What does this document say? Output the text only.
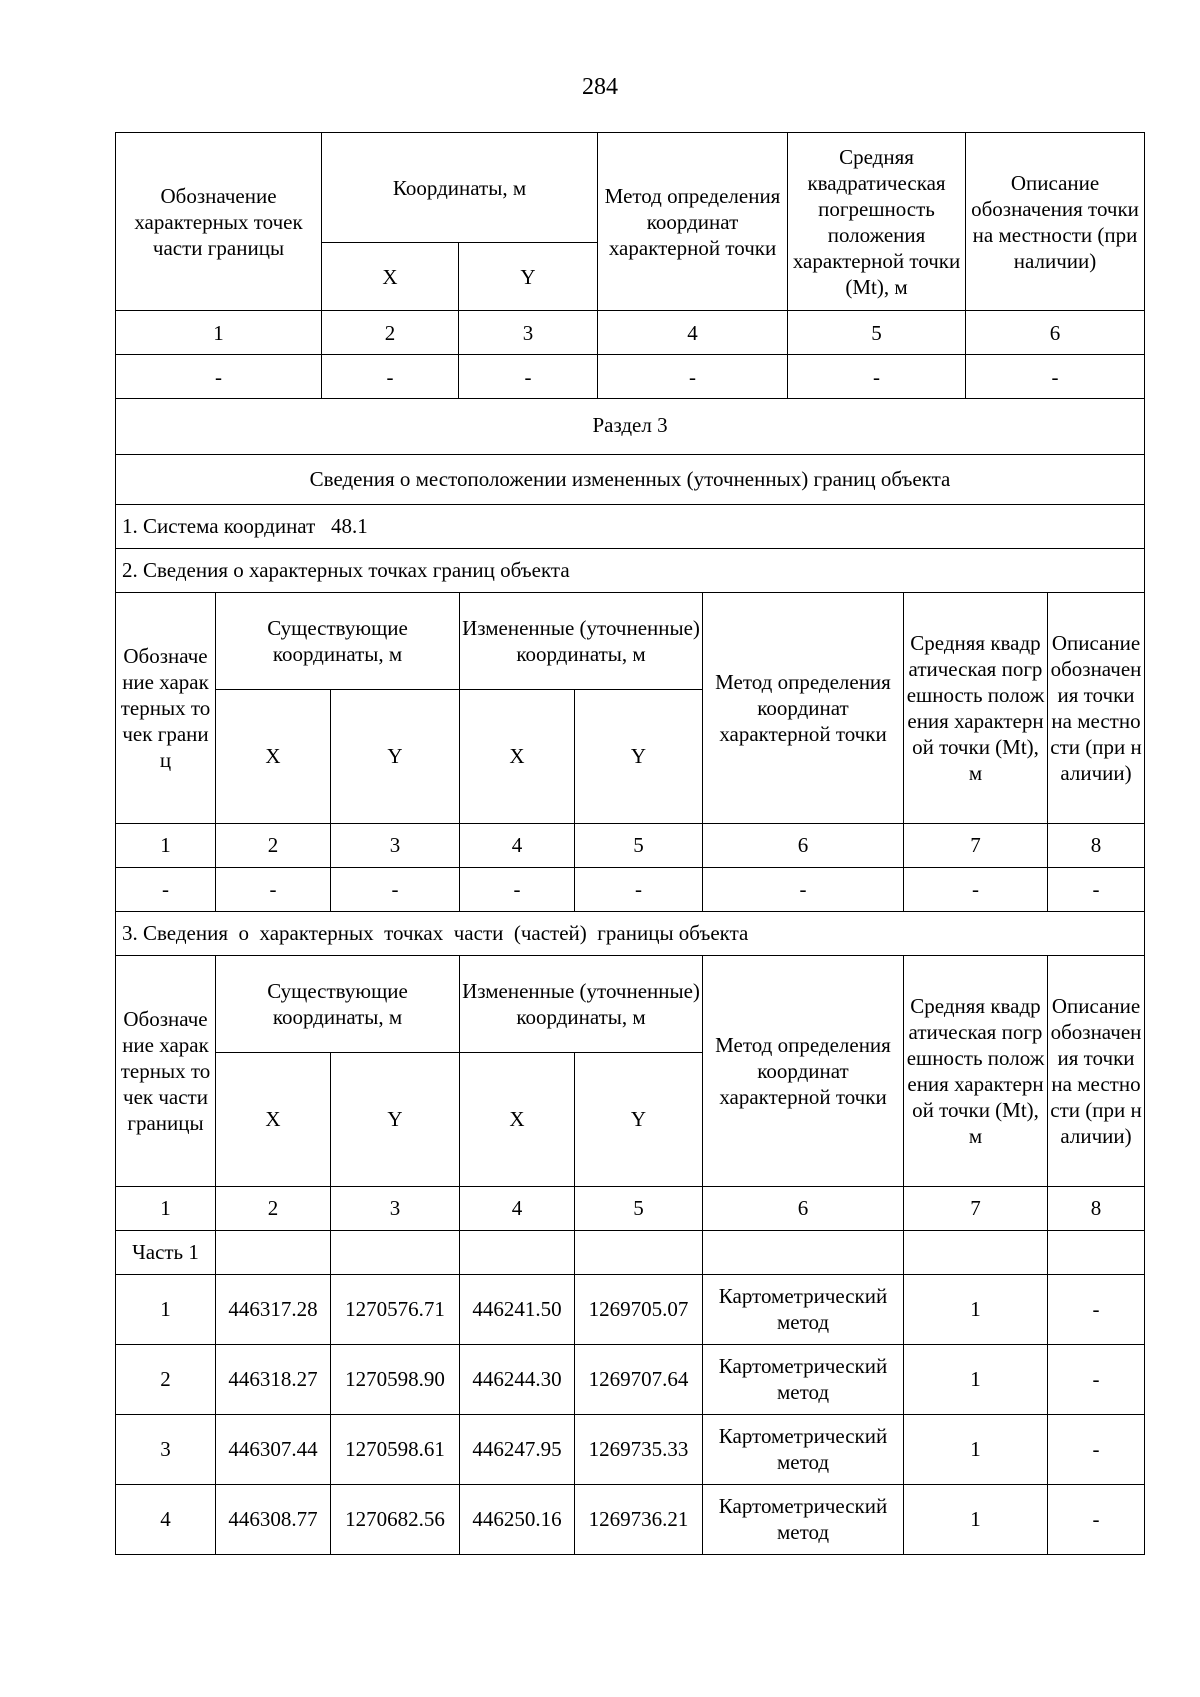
284
Обозначение характерных точек части границы	Координаты, м		Метод определения координат характерной точки	Средняя квадратическая погрешность положения характерной точки (Mt), м	Описание обозначения точки на местности (при наличии)
	X	Y			
1	2	3	4	5	6
-	-	-	-	-	-
Раздел 3							
Сведения о местоположении измененных (уточненных) границ объекта							
1. Система координат   48.1							
2. Сведения о характерных точках границ объекта							
Обозначение характерных точек границ	Существующие координаты, м		Измененные (уточненные) координаты, м		Метод определения координат характерной точки	Средняя квадратическая погрешность положения характерной точки (Mt), м	Описание обозначения точки на местности (при наличии)
	X	Y	X	Y			
1	2	3	4	5	6	7	8
-	-	-	-	-	-	-	-
3. Сведения  о  характерных  точках  части  (частей)  границы объекта							
Обозначение характерных точек части границы	Существующие координаты, м		Измененные (уточненные) координаты, м		Метод определения координат характерной точки	Средняя квадратическая погрешность положения характерной точки (Mt), м	Описание обозначения точки на местности (при наличии)
	X	Y	X	Y			
1	2	3	4	5	6	7	8
Часть 1							
1	446317.28	1270576.71	446241.50	1269705.07	Картометрический метод	1	-
2	446318.27	1270598.90	446244.30	1269707.64	Картометрический метод	1	-
3	446307.44	1270598.61	446247.95	1269735.33	Картометрический метод	1	-
4	446308.77	1270682.56	446250.16	1269736.21	Картометрический метод	1	-
